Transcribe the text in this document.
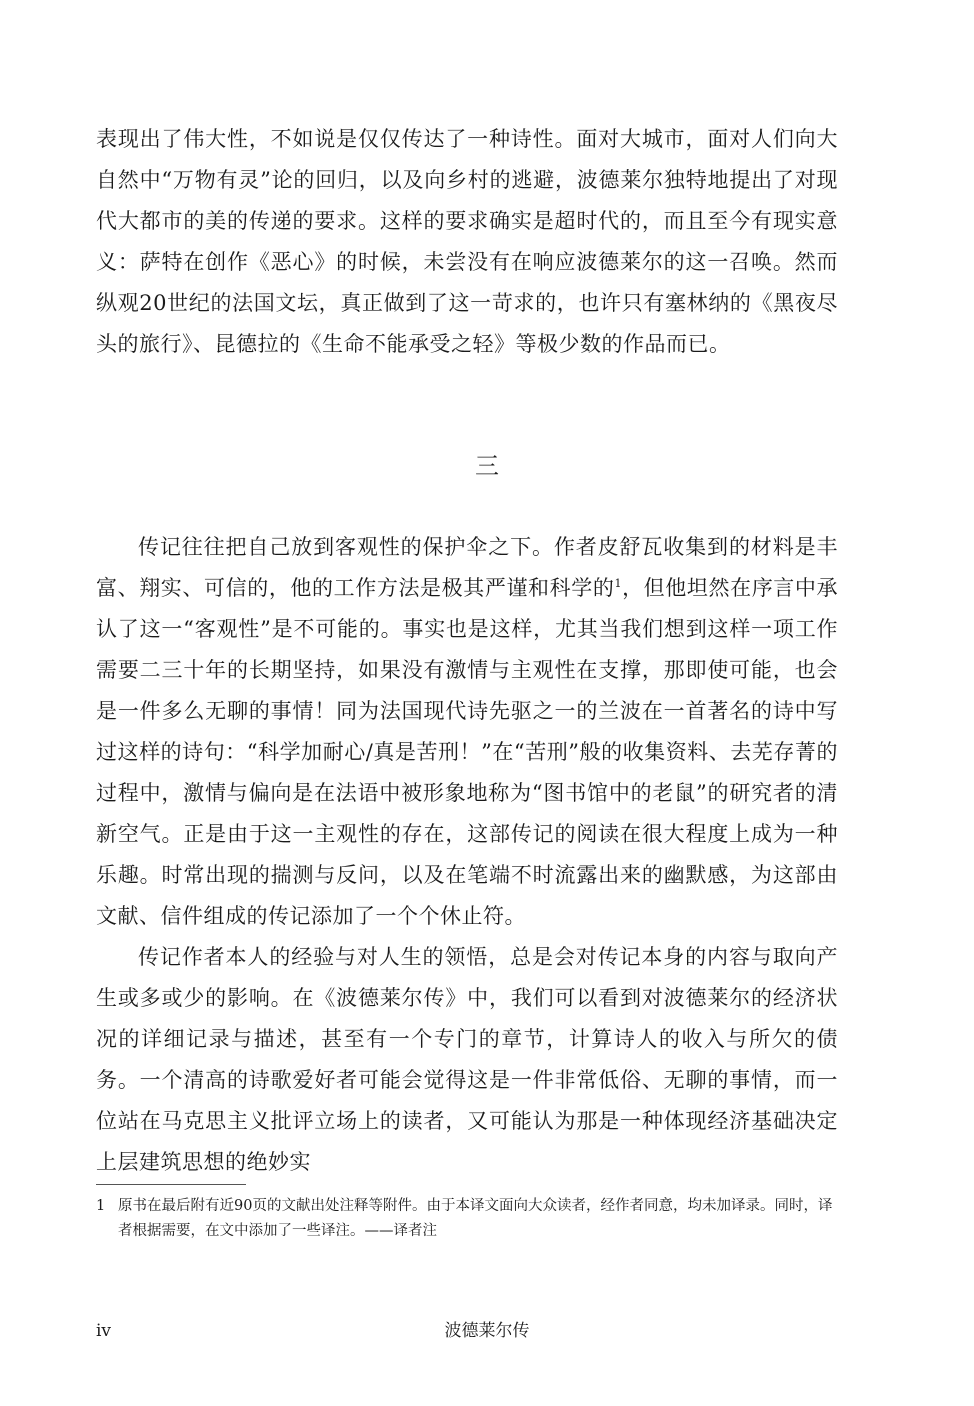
表现出了伟大性，不如说是仅仅传达了一种诗性。面对大城市，面对人们向大自然中“万物有灵”论的回归，以及向乡村的逃避，波德莱尔独特地提出了对现代大都市的美的传递的要求。这样的要求确实是超时代的，而且至今有现实意义：萨特在创作《恶心》的时候，未尝没有在响应波德莱尔的这一召唤。然而纵观20世纪的法国文坛，真正做到了这一苛求的，也许只有塞林纳的《黑夜尽头的旅行》、昆德拉的《生命不能承受之轻》等极少数的作品而已。

三

传记往往把自己放到客观性的保护伞之下。作者皮舒瓦收集到的材料是丰富、翔实、可信的，他的工作方法是极其严谨和科学的$^1$，但他坦然在序言中承认了这一“客观性”是不可能的。事实也是这样，尤其当我们想到这样一项工作需要二三十年的长期坚持，如果没有激情与主观性在支撑，那即使可能，也会是一件多么无聊的事情！同为法国现代诗先驱之一的兰波在一首著名的诗中写过这样的诗句：“科学加耐心/真是苦刑！”在“苦刑”般的收集资料、去芜存菁的过程中，激情与偏向是在法语中被形象地称为“图书馆中的老鼠”的研究者的清新空气。正是由于这一主观性的存在，这部传记的阅读在很大程度上成为一种乐趣。时常出现的揣测与反问，以及在笔端不时流露出来的幽默感，为这部由文献、信件组成的传记添加了一个个休止符。

传记作者本人的经验与对人生的领悟，总是会对传记本身的内容与取向产生或多或少的影响。在《波德莱尔传》中，我们可以看到对波德莱尔的经济状况的详细记录与描述，甚至有一个专门的章节，计算诗人的收入与所欠的债务。一个清高的诗歌爱好者可能会觉得这是一件非常低俗、无聊的事情，而一位站在马克思主义批评立场上的读者，又可能认为那是一种体现经济基础决定上层建筑思想的绝妙实

1 原书在最后附有近90页的文献出处注释等附件。由于本译文面向大众读者，经作者同意，均未加译录。同时，译者根据需要，在文中添加了一些译注。——译者注
iv	波德莱尔传
